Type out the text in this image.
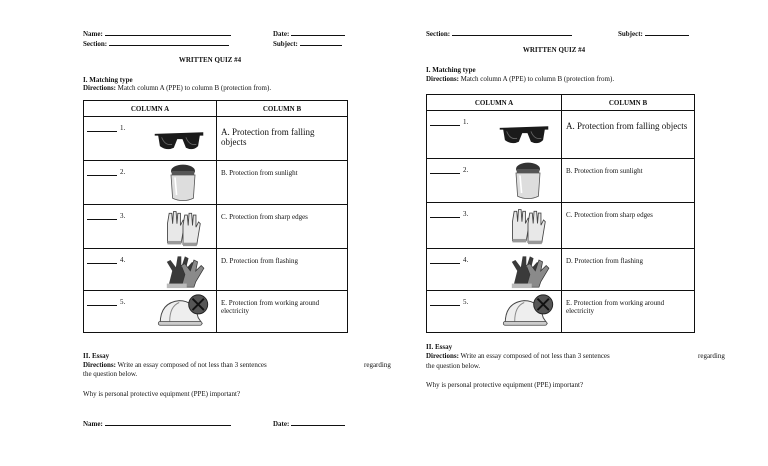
Name:	Date:
Section:	Subject:
WRITTEN QUIZ #4
I. Matching type
Directions: Match column A (PPE) to column B (protection from).
COLUMN A	COLUMN B

1.	A. Protection from falling objects

2.	B. Protection from sunlight

3.	C. Protection from sharp edges

4.	D. Protection from flashing

5.	E. Protection from working around electricity
II. Essay
Directions: Write an essay composed of not less than 3 sentences	regarding
the question below.
Why is personal protective equipment (PPE) important?
Name:	Date:
Section:	Subject:
WRITTEN QUIZ #4
I. Matching type
Directions: Match column A (PPE) to column B (protection from).
COLUMN A	COLUMN B

1.	A. Protection from falling objects

2.	B. Protection from sunlight

3.	C. Protection from sharp edges

4.	D. Protection from flashing

5.	E. Protection from working around electricity
II. Essay
Directions: Write an essay composed of not less than 3 sentences	regarding
the question below.
Why is personal protective equipment (PPE) important?
